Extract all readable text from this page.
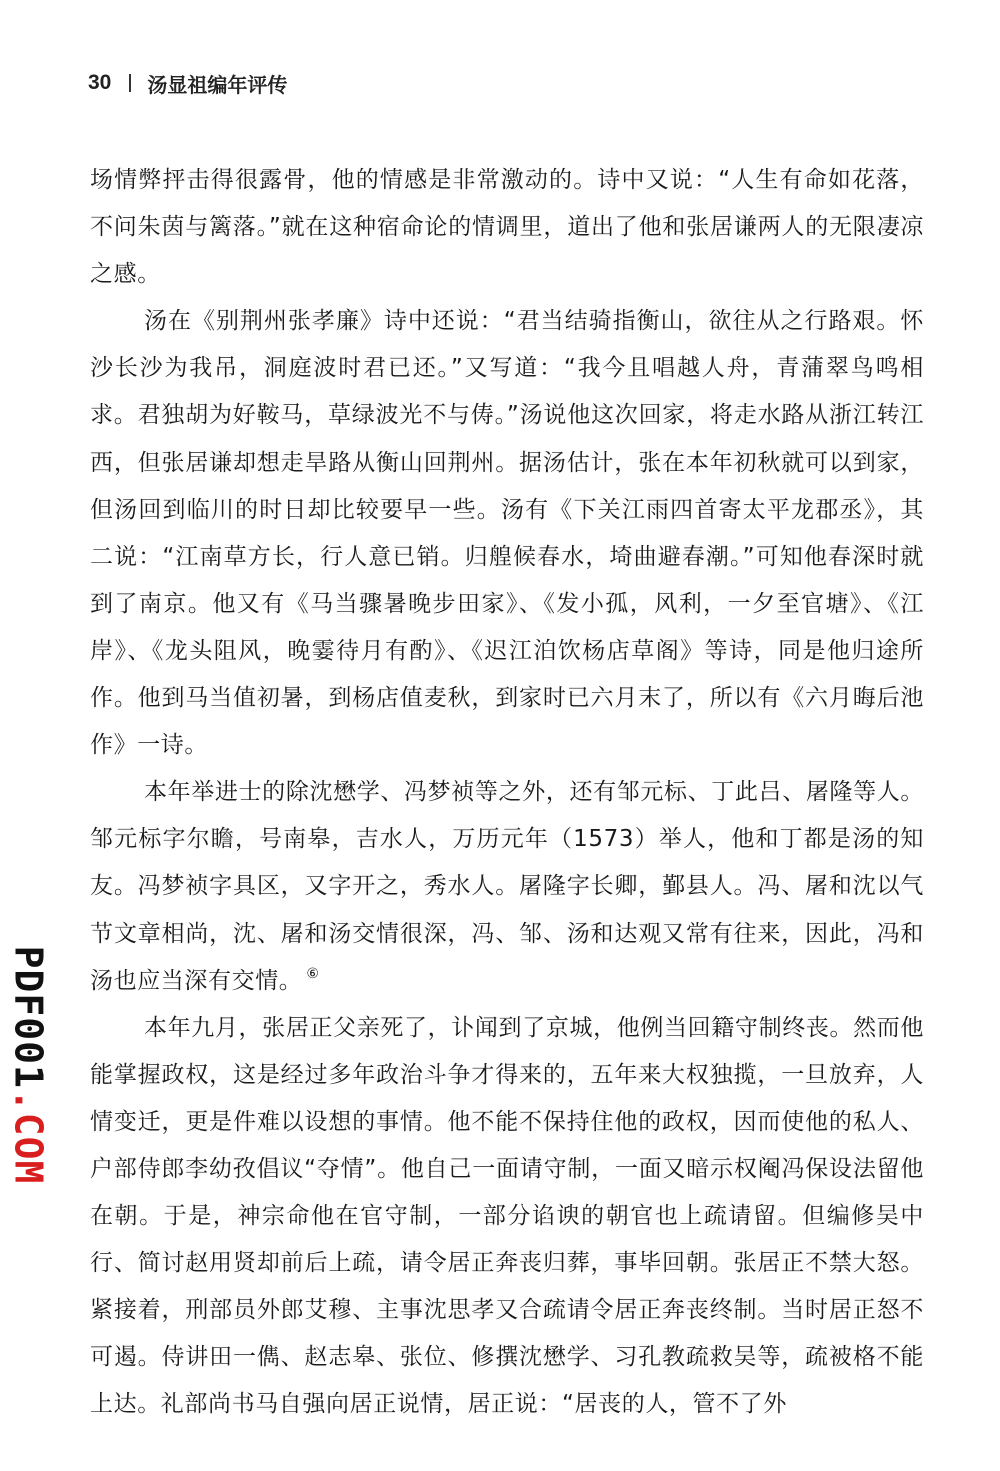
30 汤显祖编年评传

场情弊抨击得很露骨，他的情感是非常激动的。诗中又说：“人生有命如花落，不问朱茵与篱落。”就在这种宿命论的情调里，道出了他和张居谦两人的无限凄凉之感。

汤在《别荆州张孝廉》诗中还说：“君当结骑指衡山，欲往从之行路艰。怀沙长沙为我吊，洞庭波时君已还。”又写道：“我今且唱越人舟，青蒲翠鸟鸣相求。君独胡为好鞍马，草绿波光不与俦。”汤说他这次回家，将走水路从浙江转江西，但张居谦却想走旱路从衡山回荆州。据汤估计，张在本年初秋就可以到家，但汤回到临川的时日却比较要早一些。汤有《下关江雨四首寄太平龙郡丞》，其二说：“江南草方长，行人意已销。归艎候春水，埼曲避春潮。”可知他春深时就到了南京。他又有《马当骤暑晚步田家》、《发小孤，风利，一夕至官塘》、《江岸》、《龙头阻风，晚霎待月有酌》、《迟江泊饮杨店草阁》等诗，同是他归途所作。他到马当值初暑，到杨店值麦秋，到家时已六月末了，所以有《六月晦后池作》一诗。

本年举进士的除沈懋学、冯梦祯等之外，还有邹元标、丁此吕、屠隆等人。邹元标字尔瞻，号南皋，吉水人，万历元年（1573）举人，他和丁都是汤的知友。冯梦祯字具区，又字开之，秀水人。屠隆字长卿，鄞县人。冯、屠和沈以气节文章相尚，沈、屠和汤交情很深，冯、邹、汤和达观又常有往来，因此，冯和汤也应当深有交情。 ⑥

本年九月，张居正父亲死了，讣闻到了京城，他例当回籍守制终丧。然而他能掌握政权，这是经过多年政治斗争才得来的，五年来大权独揽，一旦放弃，人情变迁，更是件难以设想的事情。他不能不保持住他的政权，因而使他的私人、户部侍郎李幼孜倡议“夺情”。他自己一面请守制，一面又暗示权阉冯保设法留他在朝。于是，神宗命他在官守制，一部分谄谀的朝官也上疏请留。但编修吴中行、简讨赵用贤却前后上疏，请令居正奔丧归葬，事毕回朝。张居正不禁大怒。紧接着，刑部员外郎艾穆、主事沈思孝又合疏请令居正奔丧终制。当时居正怒不可遏。侍讲田一儁、赵志皋、张位、修撰沈懋学、习孔教疏救吴等，疏被格不能上达。礼部尚书马自强向居正说情，居正说：“居丧的人，管不了外

PDF001.COM
